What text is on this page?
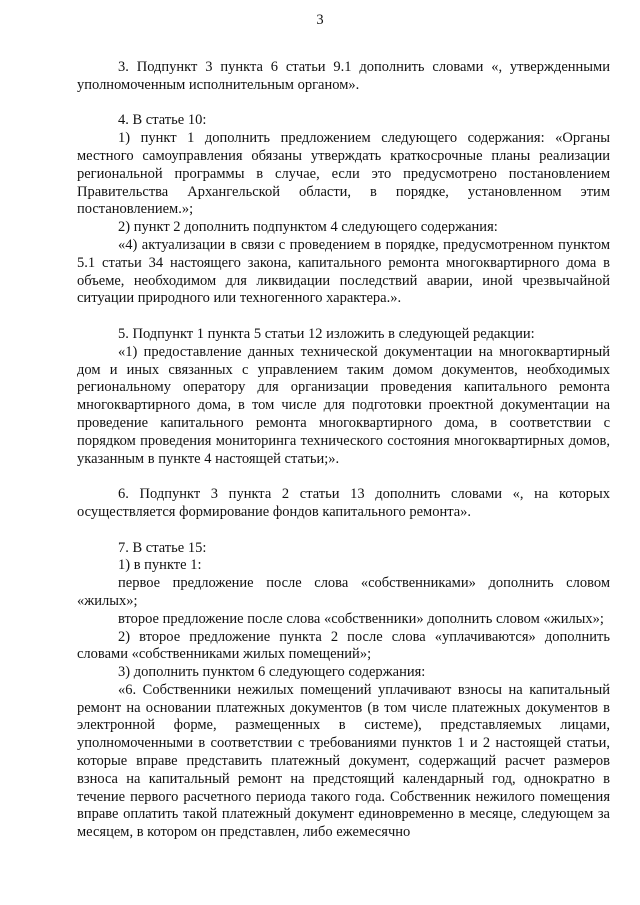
3

3. Подпункт 3 пункта 6 статьи 9.1 дополнить словами «, утвержденными уполномоченным исполнительным органом».

4. В статье 10:

1) пункт 1 дополнить предложением следующего содержания: «Органы местного самоуправления обязаны утверждать краткосрочные планы реализации региональной программы в случае, если это предусмотрено постановлением Правительства Архангельской области, в порядке, установленном этим постановлением.»;

2) пункт 2 дополнить подпунктом 4 следующего содержания:

«4) актуализации в связи с проведением в порядке, предусмотренном пунктом 5.1 статьи 34 настоящего закона, капитального ремонта многоквартирного дома в объеме, необходимом для ликвидации последствий аварии, иной чрезвычайной ситуации природного или техногенного характера.».

5. Подпункт 1 пункта 5 статьи 12 изложить в следующей редакции:

«1) предоставление данных технической документации на многоквартирный дом и иных связанных с управлением таким домом документов, необходимых региональному оператору для организации проведения капитального ремонта многоквартирного дома, в том числе для подготовки проектной документации на проведение капитального ремонта многоквартирного дома, в соответствии с порядком проведения мониторинга технического состояния многоквартирных домов, указанным в пункте 4 настоящей статьи;».

6. Подпункт 3 пункта 2 статьи 13 дополнить словами «, на которых осуществляется формирование фондов капитального ремонта».

7. В статье 15:

1) в пункте 1:

первое предложение после слова «собственниками» дополнить словом «жилых»;

второе предложение после слова «собственники» дополнить словом «жилых»;

2) второе предложение пункта 2 после слова «уплачиваются» дополнить словами «собственниками жилых помещений»;

3) дополнить пунктом 6 следующего содержания:

«6. Собственники нежилых помещений уплачивают взносы на капитальный ремонт на основании платежных документов (в том числе платежных документов в электронной форме, размещенных в системе), представляемых лицами, уполномоченными в соответствии с требованиями пунктов 1 и 2 настоящей статьи, которые вправе представить платежный документ, содержащий расчет размеров взноса на капитальный ремонт на предстоящий календарный год, однократно в течение первого расчетного периода такого года. Собственник нежилого помещения вправе оплатить такой платежный документ единовременно в месяце, следующем за месяцем, в котором он представлен, либо ежемесячно
